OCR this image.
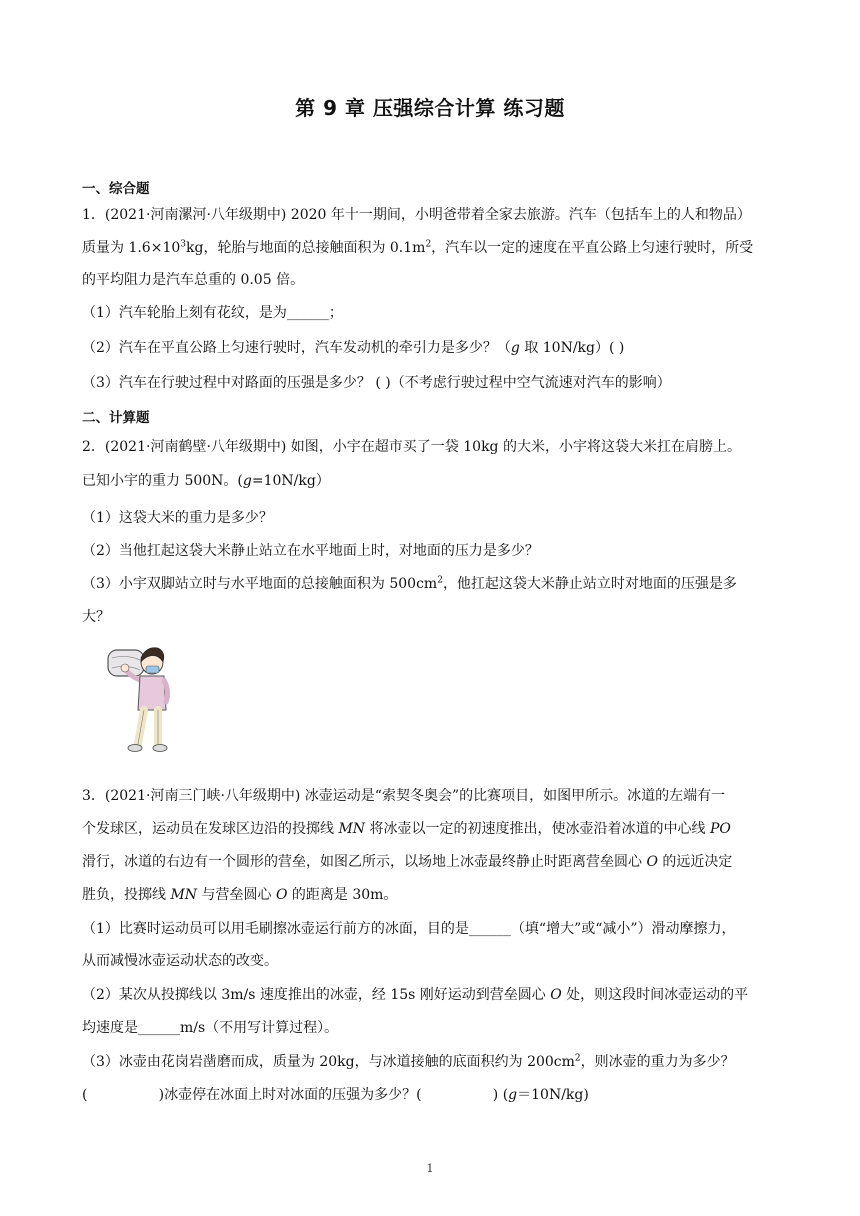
第 9 章 压强综合计算 练习题
一、综合题
1．(2021·河南漯河·八年级期中) 2020 年十一期间，小明爸带着全家去旅游。汽车（包括车上的人和物品）
质量为 $1.6\times 10^3kg$，轮胎与地面的总接触面积为 $0.1m^2$，汽车以一定的速度在平直公路上匀速行驶时，所受
的平均阻力是汽车总重的 0.05 倍。
（1）汽车轮胎上刻有花纹，是为______；
（2）汽车在平直公路上匀速行驶时，汽车发动机的牵引力是多少？（g 取 10N/kg）( )
（3）汽车在行驶过程中对路面的压强是多少？ ( )（不考虑行驶过程中空气流速对汽车的影响）
二、计算题
2．(2021·河南鹤壁·八年级期中) 如图，小宇在超市买了一袋 10kg 的大米，小宇将这袋大米扛在肩膀上。
已知小宇的重力 500N。(g=10N/kg）
（1）这袋大米的重力是多少？
（2）当他扛起这袋大米静止站立在水平地面上时，对地面的压力是多少？
（3）小宇双脚站立时与水平地面的总接触面积为 $500cm^2$，他扛起这袋大米静止站立时对地面的压强是多
大？
3．(2021·河南三门峡·八年级期中) 冰壶运动是“索契冬奥会”的比赛项目，如图甲所示。冰道的左端有一
个发球区，运动员在发球区边沿的投掷线 MN 将冰壶以一定的初速度推出，使冰壶沿着冰道的中心线 PO
滑行，冰道的右边有一个圆形的营垒，如图乙所示，以场地上冰壶最终静止时距离营垒圆心 O 的远近决定
胜负，投掷线 MN 与营垒圆心 O 的距离是 30m。
（1）比赛时运动员可以用毛刷擦冰壶运行前方的冰面，目的是______（填“增大”或“减小”）滑动摩擦力，
从而减慢冰壶运动状态的改变。
（2）某次从投掷线以 3m/s 速度推出的冰壶，经 15s 刚好运动到营垒圆心 O 处，则这段时间冰壶运动的平
均速度是______m/s（不用写计算过程）。
（3）冰壶由花岗岩凿磨而成，质量为 20kg，与冰道接触的底面积约为 $200cm^2$，则冰壶的重力为多少？
(                )冰壶停在冰面上时对冰面的压强为多少？(                ) (g＝10N/kg)
1
